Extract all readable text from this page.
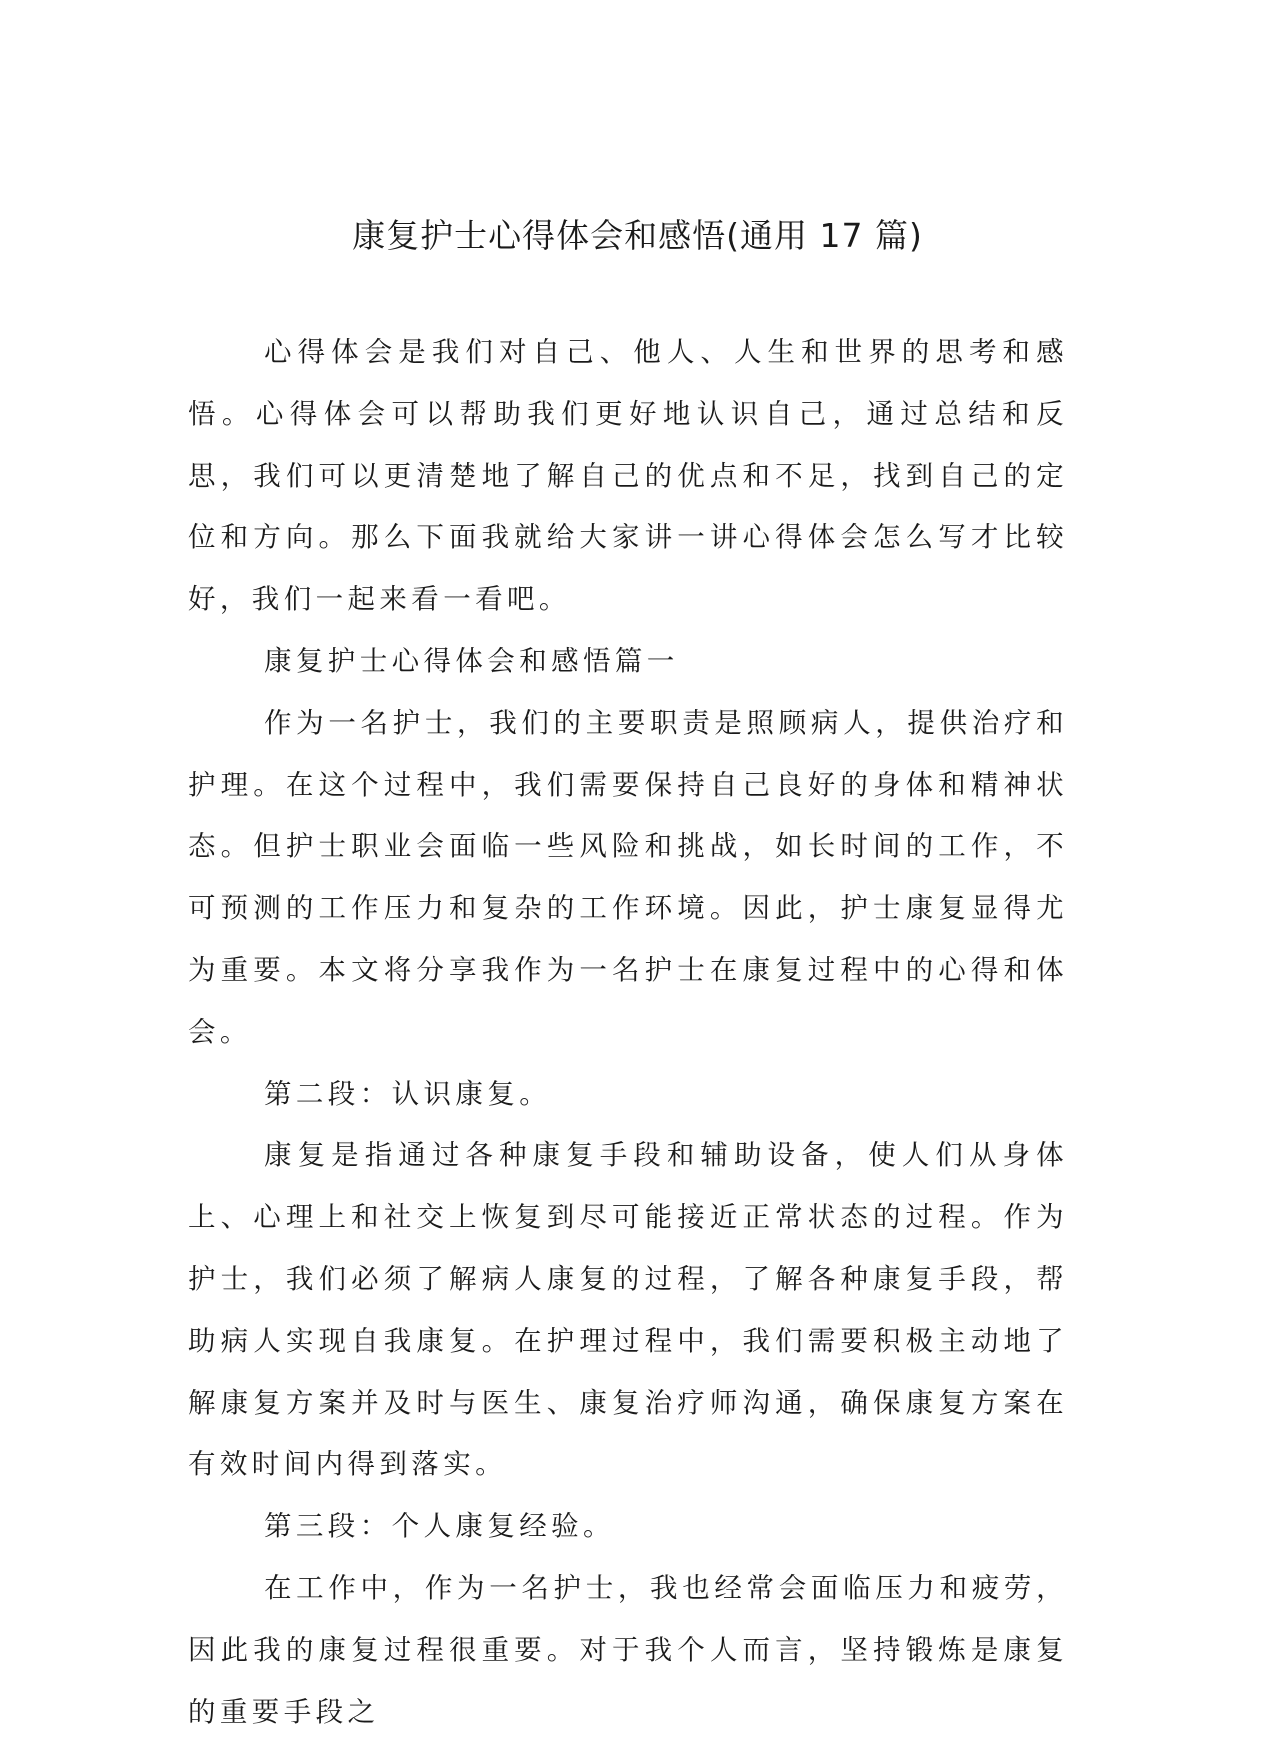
康复护士心得体会和感悟(通用 17 篇)

心得体会是我们对自己、他人、人生和世界的思考和感悟。心得体会可以帮助我们更好地认识自己，通过总结和反思，我们可以更清楚地了解自己的优点和不足，找到自己的定位和方向。那么下面我就给大家讲一讲心得体会怎么写才比较好，我们一起来看一看吧。

康复护士心得体会和感悟篇一

作为一名护士，我们的主要职责是照顾病人，提供治疗和护理。在这个过程中，我们需要保持自己良好的身体和精神状态。但护士职业会面临一些风险和挑战，如长时间的工作，不可预测的工作压力和复杂的工作环境。因此，护士康复显得尤为重要。本文将分享我作为一名护士在康复过程中的心得和体会。

第二段：认识康复。

康复是指通过各种康复手段和辅助设备，使人们从身体上、心理上和社交上恢复到尽可能接近正常状态的过程。作为护士，我们必须了解病人康复的过程，了解各种康复手段，帮助病人实现自我康复。在护理过程中，我们需要积极主动地了解康复方案并及时与医生、康复治疗师沟通，确保康复方案在有效时间内得到落实。

第三段：个人康复经验。

在工作中，作为一名护士，我也经常会面临压力和疲劳，因此我的康复过程很重要。对于我个人而言，坚持锻炼是康复的重要手段之
